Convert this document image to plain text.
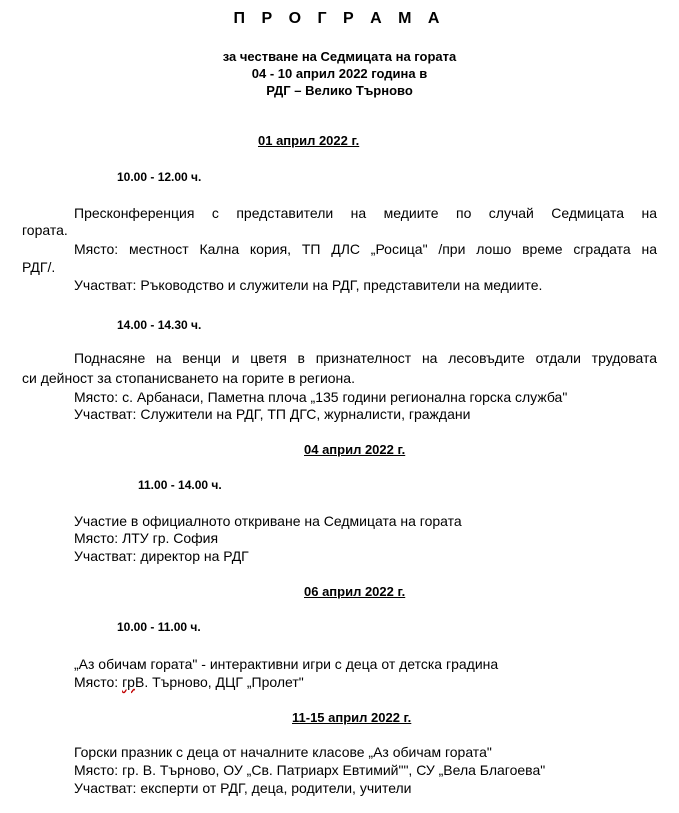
П Р О Г Р А М А
за честване на Седмицата на гората
04 - 10 април 2022 година в
РДГ – Велико Търново
01 април 2022 г.
10.00 - 12.00 ч.
Пресконференция с представители на медиите по случай Седмицата на
гората.
Място: местност Кална кория, ТП ДЛС „Росица" /при лошо време сградата на
РДГ/.
Участват: Ръководство и служители на РДГ, представители на медиите.
14.00 - 14.30 ч.
Поднасяне на венци и цветя в признателност на лесовъдите отдали трудовата
си дейност за стопанисването на горите в региона.
Място: с. Арбанаси, Паметна плоча „135 години регионална горска служба"
Участват: Служители на РДГ, ТП ДГС, журналисти, граждани
04 април 2022 г.
11.00 - 14.00 ч.
Участие в официалното откриване на Седмицата на гората
Място: ЛТУ гр. София
Участват: директор на РДГ
06 април 2022 г.
10.00 - 11.00 ч.
„Аз обичам гората" - интерактивни игри с деца от детска градина
Място: грВ. Търново, ДЦГ „Пролет"
11-15 април 2022 г.
Горски празник с деца от началните класове „Аз обичам гората"
Място: гр. В. Търново, ОУ „Св. Патриарх Евтимий"", СУ „Вела Благоева"
Участват: експерти от РДГ, деца, родители, учители
